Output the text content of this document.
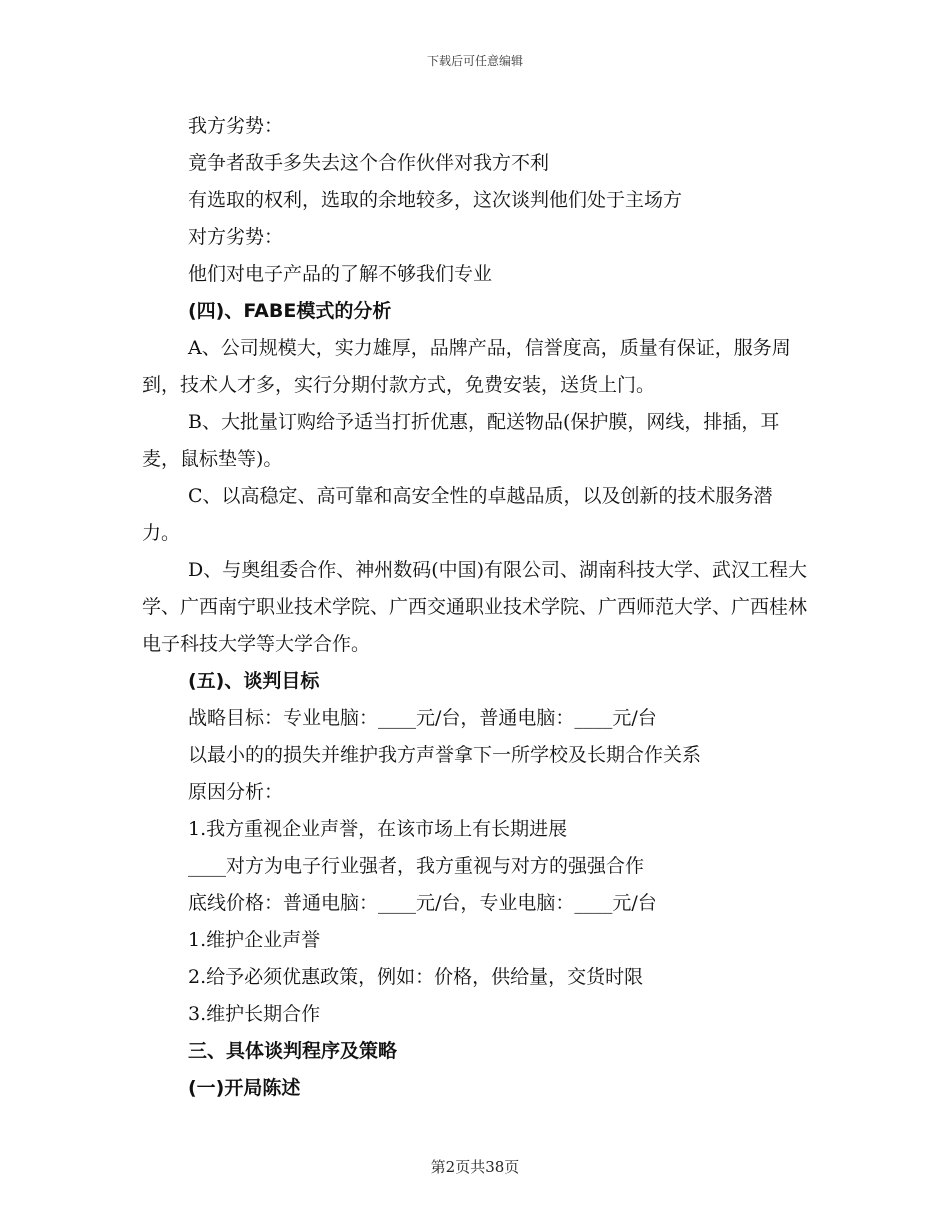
下载后可任意编辑

我方劣势：

竟争者敌手多失去这个合作伙伴对我方不利

有选取的权利，选取的余地较多，这次谈判他们处于主场方

对方劣势：

他们对电子产品的了解不够我们专业

(四)、FABE模式的分析

A、公司规模大，实力雄厚，品牌产品，信誉度高，质量有保证，服务周到，技术人才多，实行分期付款方式，免费安装，送货上门。

B、大批量订购给予适当打折优惠，配送物品(保护膜，网线，排插，耳麦，鼠标垫等)。

C、以高稳定、高可靠和高安全性的卓越品质，以及创新的技术服务潜力。

D、与奥组委合作、神州数码(中国)有限公司、湖南科技大学、武汉工程大学、广西南宁职业技术学院、广西交通职业技术学院、广西师范大学、广西桂林电子科技大学等大学合作。

(五)、谈判目标

战略目标：专业电脑：____元/台，普通电脑：____元/台

以最小的的损失并维护我方声誉拿下一所学校及长期合作关系

原因分析：

1.我方重视企业声誉，在该市场上有长期进展

____对方为电子行业强者，我方重视与对方的强强合作

底线价格：普通电脑：____元/台，专业电脑：____元/台

1.维护企业声誉

2.给予必须优惠政策，例如：价格，供给量，交货时限

3.维护长期合作

三、具体谈判程序及策略

(一)开局陈述

第2页共38页
